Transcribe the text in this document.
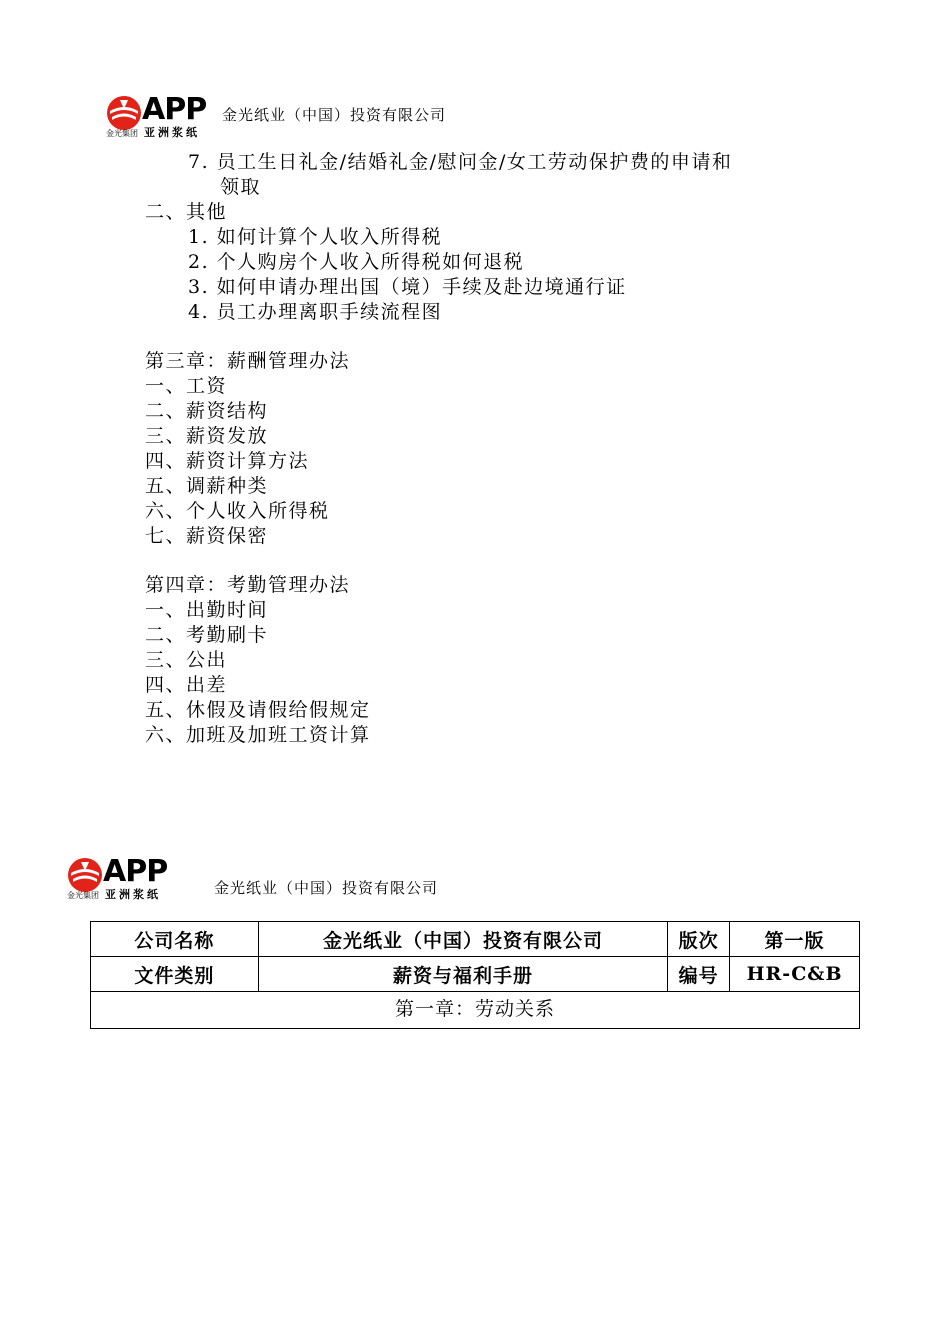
APP
金光集团 亚洲浆纸
金光纸业（中国）投资有限公司
7. 员工生日礼金/结婚礼金/慰问金/女工劳动保护费的申请和
领取
二、其他
1. 如何计算个人收入所得税
2. 个人购房个人收入所得税如何退税
3. 如何申请办理出国（境）手续及赴边境通行证
4. 员工办理离职手续流程图
第三章：薪酬管理办法
一、工资
二、薪资结构
三、薪资发放
四、薪资计算方法
五、调薪种类
六、个人收入所得税
七、薪资保密
第四章：考勤管理办法
一、出勤时间
二、考勤刷卡
三、公出
四、出差
五、休假及请假给假规定
六、加班及加班工资计算
APP
金光集团 亚洲浆纸	金光纸业（中国）投资有限公司
公司名称	金光纸业（中国）投资有限公司	版次	第一版
文件类别	薪资与福利手册	编号	HR-C&B
第一章：劳动关系			
